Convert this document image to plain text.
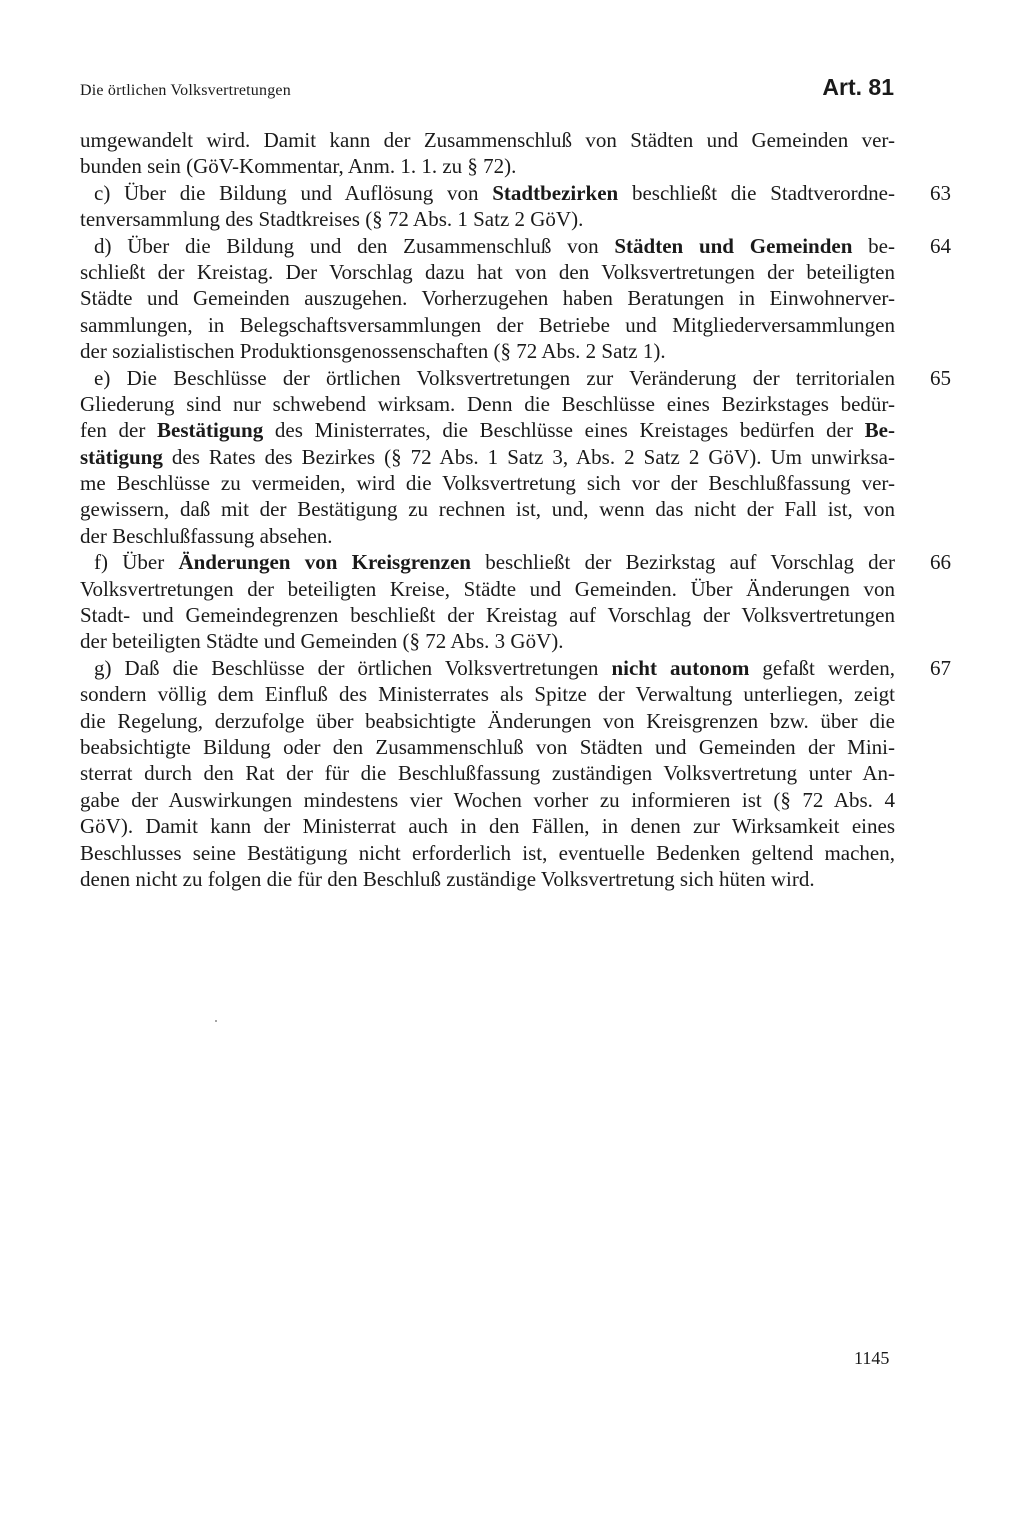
Die örtlichen Volksvertretungen	Art. 81
umgewandelt wird. Damit kann der Zusammenschluß von Städten und Gemeinden ver-
bunden sein (GöV-Kommentar, Anm. 1. 1. zu § 72).
c) Über die Bildung und Auflösung von Stadtbezirken beschließt die Stadtverordne-
tenversammlung des Stadtkreises (§ 72 Abs. 1 Satz 2 GöV).
d) Über die Bildung und den Zusammenschluß von Städten und Gemeinden be-
schließt der Kreistag. Der Vorschlag dazu hat von den Volksvertretungen der beteiligten
Städte und Gemeinden auszugehen. Vorherzugehen haben Beratungen in Einwohnerver-
sammlungen, in Belegschaftsversammlungen der Betriebe und Mitgliederversammlungen
der sozialistischen Produktionsgenossenschaften (§ 72 Abs. 2 Satz 1).
e) Die Beschlüsse der örtlichen Volksvertretungen zur Veränderung der territorialen
Gliederung sind nur schwebend wirksam. Denn die Beschlüsse eines Bezirkstages bedür-
fen der Bestätigung des Ministerrates, die Beschlüsse eines Kreistages bedürfen der Be-
stätigung des Rates des Bezirkes (§ 72 Abs. 1 Satz 3, Abs. 2 Satz 2 GöV). Um unwirksa-
me Beschlüsse zu vermeiden, wird die Volksvertretung sich vor der Beschlußfassung ver-
gewissern, daß mit der Bestätigung zu rechnen ist, und, wenn das nicht der Fall ist, von
der Beschlußfassung absehen.
f) Über Änderungen von Kreisgrenzen beschließt der Bezirkstag auf Vorschlag der
Volksvertretungen der beteiligten Kreise, Städte und Gemeinden. Über Änderungen von
Stadt- und Gemeindegrenzen beschließt der Kreistag auf Vorschlag der Volksvertretungen
der beteiligten Städte und Gemeinden (§ 72 Abs. 3 GöV).
g) Daß die Beschlüsse der örtlichen Volksvertretungen nicht autonom gefaßt werden,
sondern völlig dem Einfluß des Ministerrates als Spitze der Verwaltung unterliegen, zeigt
die Regelung, derzufolge über beabsichtigte Änderungen von Kreisgrenzen bzw. über die
beabsichtigte Bildung oder den Zusammenschluß von Städten und Gemeinden der Mini-
sterrat durch den Rat der für die Beschlußfassung zuständigen Volksvertretung unter An-
gabe der Auswirkungen mindestens vier Wochen vorher zu informieren ist (§ 72 Abs. 4
GöV). Damit kann der Ministerrat auch in den Fällen, in denen zur Wirksamkeit eines
Beschlusses seine Bestätigung nicht erforderlich ist, eventuelle Bedenken geltend machen,
denen nicht zu folgen die für den Beschluß zuständige Volksvertretung sich hüten wird.
1145
63
64
65
66
67
